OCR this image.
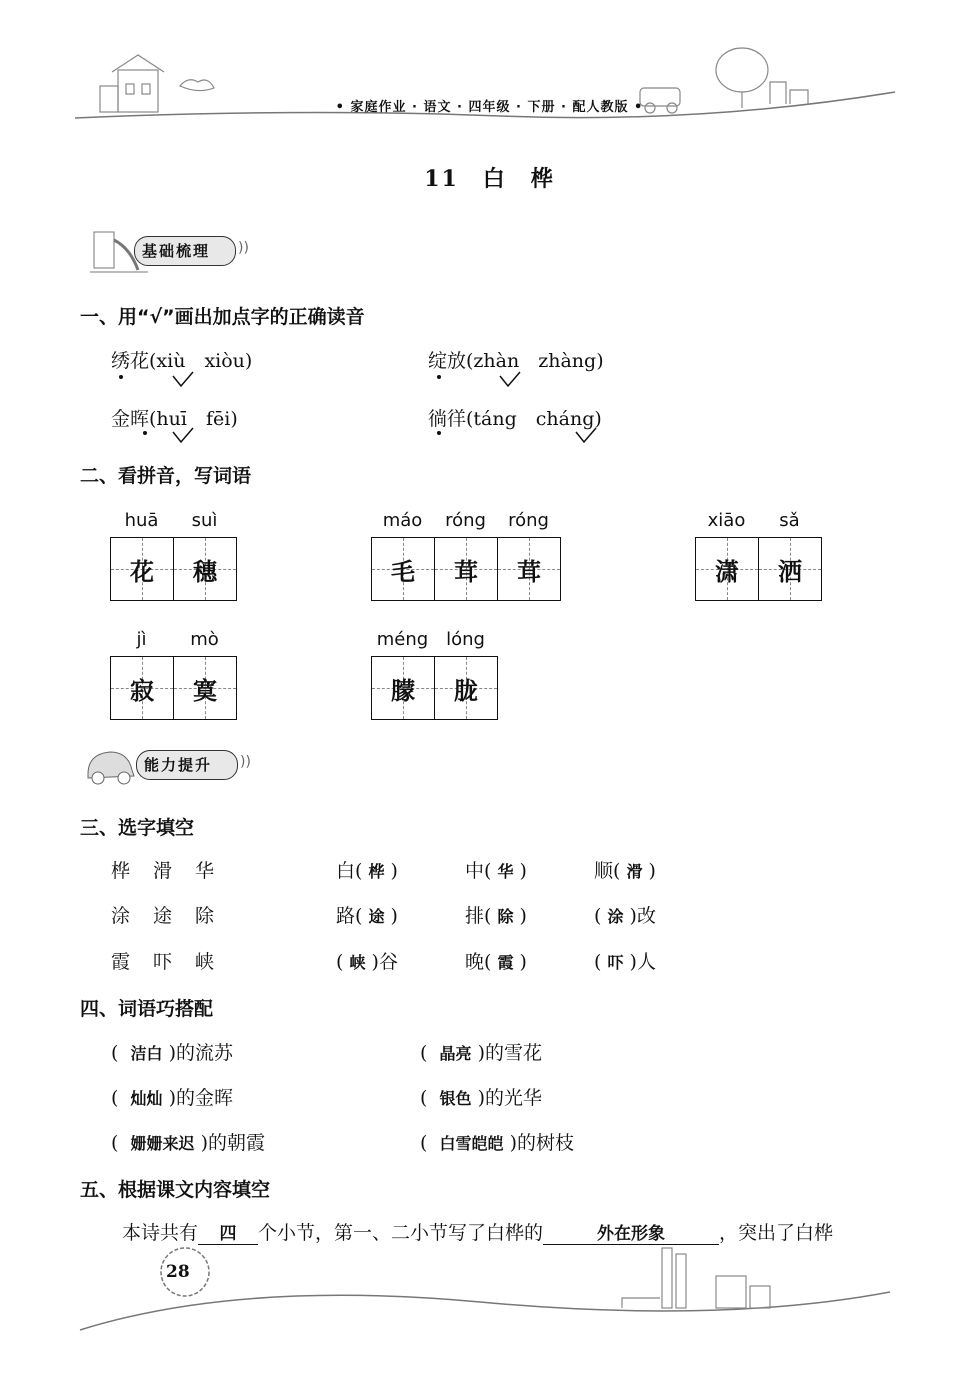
• 家庭作业 · 语文 · 四年级 · 下册 · 配人教版 •
11　白　桦
基础梳理 ))
一、用“√”画出加点字的正确读音
绣花(xiù　xiòu)	绽放(zhàn　zhàng)
金晖(huī　fēi)	徜徉(táng　cháng)
二、看拼音，写词语
huā	suì
花 穗
máo	róng	róng
毛 茸 茸
xiāo	sǎ
潇 洒
jì	mò
寂 寞
méng lóng
朦 胧
能力提升 ))
三、选字填空
桦　滑　华	白( 桦 )	中( 华 )	顺( 滑 )
涂　途　除	路( 途 )	排( 除 )	( 涂 )改
霞　吓　峡	( 峡 )谷	晚( 霞 )	( 吓 )人
四、词语巧搭配
(  洁白 )的流苏	(  晶亮 )的雪花
(  灿灿 )的金晖	(  银色 )的光华
(  姗姗来迟 )的朝霞	(  白雪皑皑 )的树枝
五、根据课文内容填空
本诗共有 四 个小节，第一、二小节写了白桦的	外在形象	，突出了白桦
28
